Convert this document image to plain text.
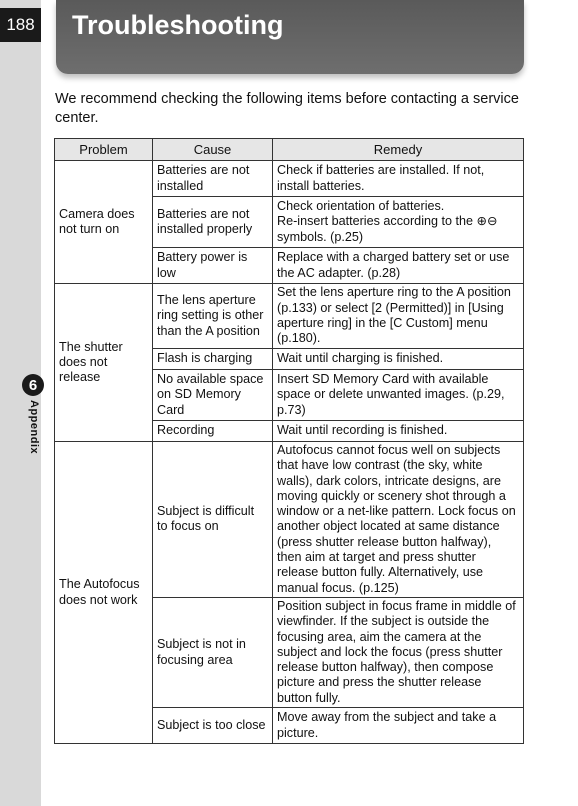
188
6
Appendix
Troubleshooting
We recommend checking the following items before contacting a service center.
Problem	Cause	Remedy
Camera does not turn on	Batteries are not installed	Check if batteries are installed. If not, install batteries.
	Batteries are not installed properly	Check orientation of batteries.
Re-insert batteries according to the ⊕⊖ symbols. (p.25)
	Battery power is low	Replace with a charged battery set or use the AC adapter. (p.28)
The shutter does not release	The lens aperture ring setting is other than the A position	Set the lens aperture ring to the A position (p.133) or select [2 (Permitted)] in [Using aperture ring] in the [C Custom] menu (p.180).
	Flash is charging	Wait until charging is finished.
	No available space on SD Memory Card	Insert SD Memory Card with available space or delete unwanted images. (p.29, p.73)
	Recording	Wait until recording is finished.
The Autofocus does not work	Subject is difficult to focus on	Autofocus cannot focus well on subjects that have low contrast (the sky, white walls), dark colors, intricate designs, are moving quickly or scenery shot through a window or a net-like pattern. Lock focus on another object located at same distance (press shutter release button halfway), then aim at target and press shutter release button fully. Alternatively, use manual focus. (p.125)
	Subject is not in focusing area	Position subject in focus frame in middle of viewfinder. If the subject is outside the focusing area, aim the camera at the subject and lock the focus (press shutter release button halfway), then compose picture and press the shutter release button fully.
	Subject is too close	Move away from the subject and take a picture.
